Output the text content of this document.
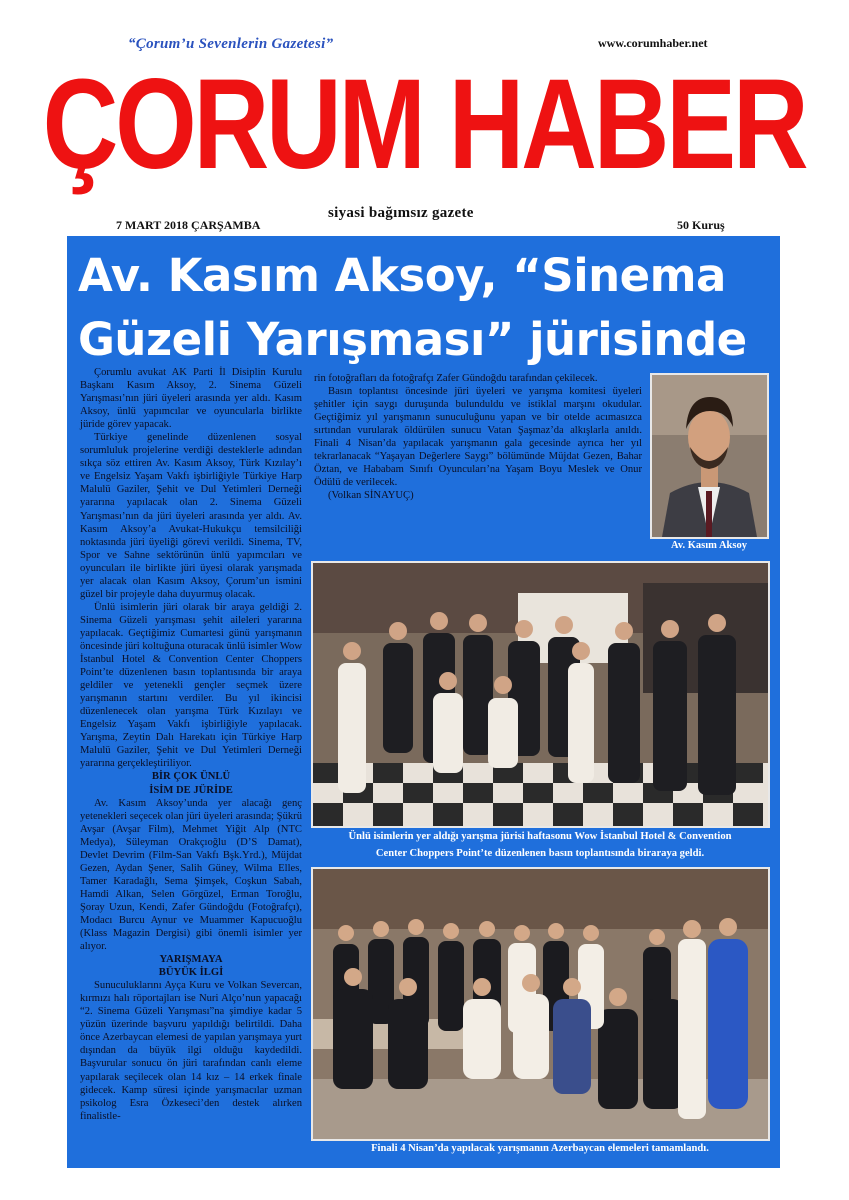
“Çorum’u Sevenlerin Gazetesi”	www.corumhaber.net
ÇORUM HABER
siyasi bağımsız gazete
7 MART 2018 ÇARŞAMBA	50 Kuruş
Av. Kasım Aksoy, “Sinema
Güzeli Yarışması” jürisinde

Çorumlu avukat AK Parti İl Disiplin Kurulu Başkanı Kasım Aksoy, 2. Sinema Güzeli Yarışması’nın jüri üyeleri arasında yer aldı. Kasım Aksoy, ünlü yapımcılar ve oyuncularla birlikte jüride görev yapacak.

Türkiye genelinde düzenlenen sosyal sorumluluk projelerine verdiği desteklerle adından sıkça söz ettiren Av. Kasım Aksoy, Türk Kızılay’ı ve Engelsiz Yaşam Vakfı işbirliğiyle Türkiye Harp Malulü Gaziler, Şehit ve Dul Yetimleri Derneği yararına yapılacak olan 2. Sinema Güzeli Yarışması’nın da jüri üyeleri arasında yer aldı. Av. Kasım Aksoy’a Avukat-Hukukçu temsilciliği noktasında jüri üyeliği görevi verildi. Sinema, TV, Spor ve Sahne sektörünün ünlü yapımcıları ve oyuncuları ile birlikte jüri üyesi olarak yarışmada yer alacak olan Kasım Aksoy, Çorum’un ismini güzel bir projeyle daha duyurmuş olacak.

Ünlü isimlerin jüri olarak bir araya geldiği 2. Sinema Güzeli yarışması şehit aileleri yararına yapılacak. Geçtiğimiz Cumartesi günü yarışmanın öncesinde jüri koltuğuna oturacak ünlü isimler Wow İstanbul Hotel & Convention Center Choppers Point’te düzenlenen basın toplantısında bir araya geldiler ve yetenekli gençler seçmek üzere yarışmanın startını verdiler. Bu yıl ikincisi düzenlenecek olan yarışma Türk Kızılayı ve Engelsiz Yaşam Vakfı işbirliğiyle yapılacak. Yarışma, Zeytin Dalı Harekatı için Türkiye Harp Malulü Gaziler, Şehit ve Dul Yetimleri Derneği yararına gerçekleştiriliyor.

BİR ÇOK ÜNLÜ

İSİM DE JÜRİDE

Av. Kasım Aksoy’unda yer alacağı genç yetenekleri seçecek olan jüri üyeleri arasında; Şükrü Avşar (Avşar Film), Mehmet Yiğit Alp (NTC Medya), Süleyman Orakçıoğlu (D’S Damat), Devlet Devrim (Film-San Vakfı Bşk.Yrd.), Müjdat Gezen, Aydan Şener, Salih Güney, Wilma Elles, Tamer Karadağlı, Sema Şimşek, Coşkun Sabah, Hamdi Alkan, Selen Görgüzel, Erman Toroğlu, Şoray Uzun, Kendi, Zafer Gündoğdu (Fotoğrafçı), Modacı Burcu Aynur ve Muammer Kapucuoğlu (Klass Magazin Dergisi) gibi önemli isimler yer alıyor.

YARIŞMAYA

BÜYÜK İLGİ

Sunuculuklarını Ayça Kuru ve Volkan Severcan, kırmızı halı röportajları ise Nuri Alço’nun yapacağı “2. Sinema Güzeli Yarışması”na şimdiye kadar 5 yüzün üzerinde başvuru yapıldığı belirtildi. Daha önce Azerbaycan elemesi de yapılan yarışmaya yurt dışından da büyük ilgi olduğu kaydedildi. Başvurular sonucu ön jüri tarafından canlı eleme yapılarak seçilecek olan 14 kız – 14 erkek finale gidecek. Kamp süresi içinde yarışmacılar uzman psikolog Esra Özkeseci’den destek alırken finalistle-

rin fotoğrafları da fotoğrafçı Zafer Gündoğdu tarafından çekilecek.

Basın toplantısı öncesinde jüri üyeleri ve yarışma komitesi üyeleri şehitler için saygı duruşunda bulunduldu ve istiklal marşını okudular. Geçtiğimiz yıl yarışmanın sunuculuğunu yapan ve bir otelde acımasızca sırtından vurularak öldürülen sunucu Vatan Şaşmaz’da alkışlarla anıldı. Finali 4 Nisan’da yapılacak yarışmanın gala gecesinde ayrıca her yıl tekrarlanacak “Yaşayan Değerlere Saygı” bölümünde Müjdat Gezen, Bahar Öztan, ve Hababam Sınıfı Oyuncuları’na Yaşam Boyu Meslek ve Onur Ödülü de verilecek.

(Volkan SİNAYUÇ)

Av. Kasım Aksoy
Ünlü isimlerin yer aldığı yarışma jürisi haftasonu Wow İstanbul Hotel & Convention
Center Choppers Point’te düzenlenen basın toplantısında biraraya geldi.
Finali 4 Nisan’da yapılacak yarışmanın Azerbaycan elemeleri tamamlandı.
